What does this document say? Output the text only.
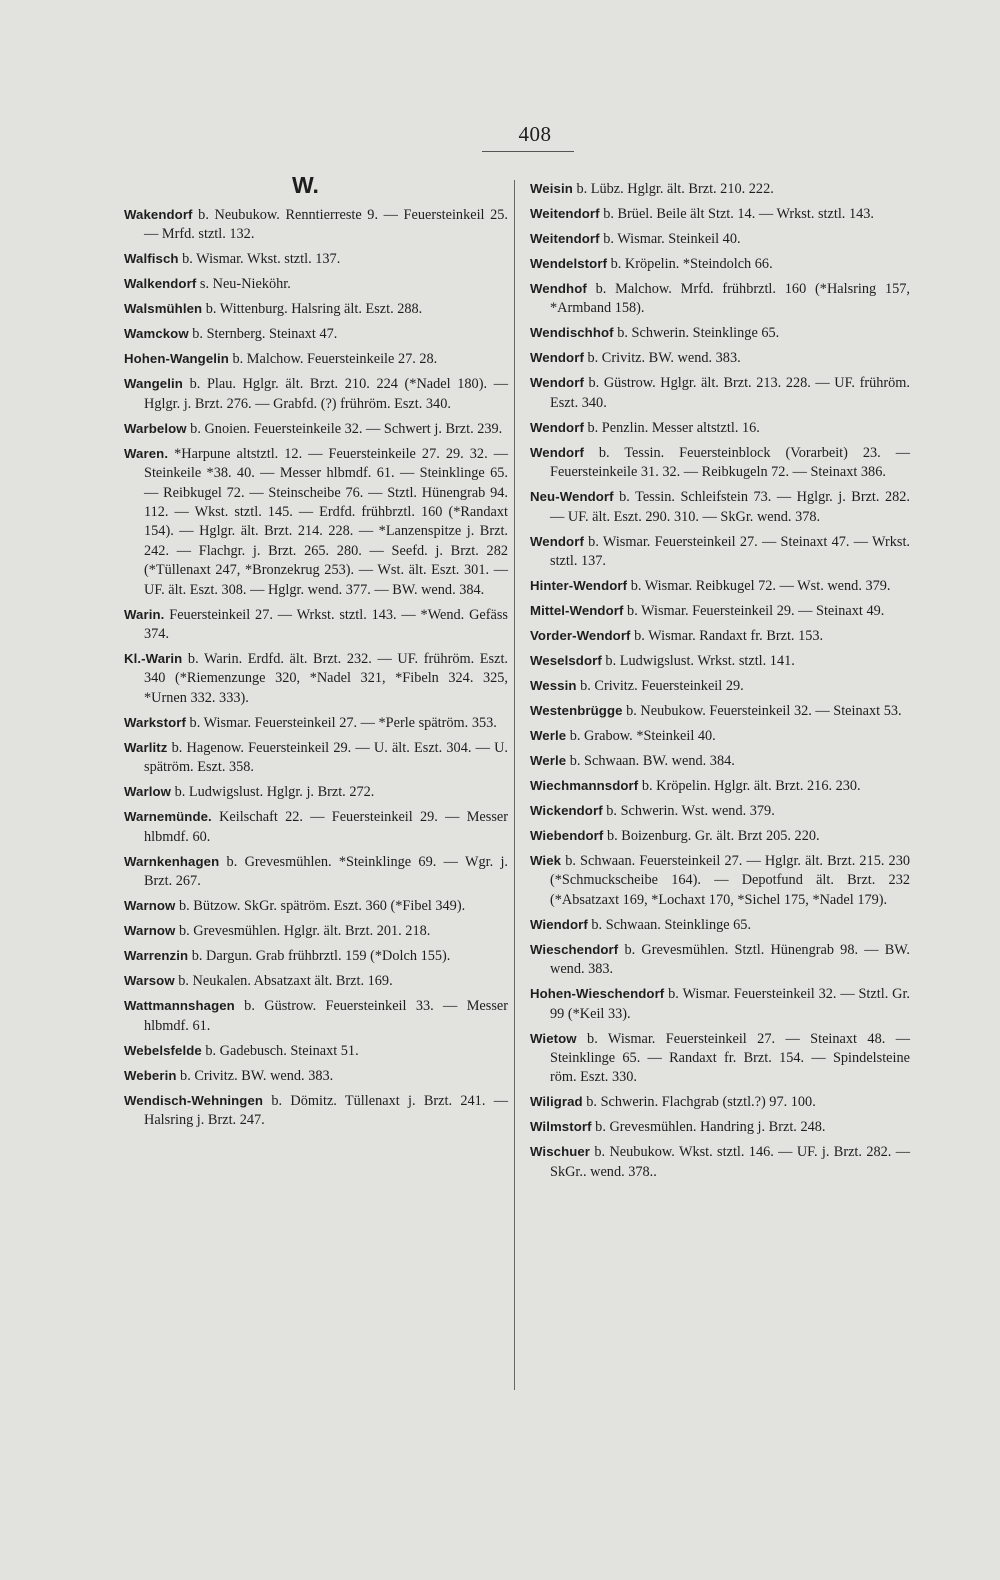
408
W.
Wakendorf b. Neubukow. Renntierreste 9. — Feuersteinkeil 25. — Mrfd. stztl. 132.
Walfisch b. Wismar. Wkst. stztl. 137.
Walkendorf s. Neu-Nieköhr.
Walsmühlen b. Wittenburg. Halsring ält. Eszt. 288.
Wamckow b. Sternberg. Steinaxt 47.
Hohen-Wangelin b. Malchow. Feuersteinkeile 27. 28.
Wangelin b. Plau. Hglgr. ält. Brzt. 210. 224 (*Nadel 180). — Hglgr. j. Brzt. 276. — Grabfd. (?) frühröm. Eszt. 340.
Warbelow b. Gnoien. Feuersteinkeile 32. — Schwert j. Brzt. 239.
Waren. *Harpune altstztl. 12. — Feuersteinkeile 27. 29. 32. — Steinkeile *38. 40. — Messer hlbmdf. 61. — Steinklinge 65. — Reibkugel 72. — Steinscheibe 76. — Stztl. Hünengrab 94. 112. — Wkst. stztl. 145. — Erdfd. frühbrztl. 160 (*Randaxt 154). — Hglgr. ält. Brzt. 214. 228. — *Lanzenspitze j. Brzt. 242. — Flachgr. j. Brzt. 265. 280. — Seefd. j. Brzt. 282 (*Tüllenaxt 247, *Bronzekrug 253). — Wst. ält. Eszt. 301. — UF. ält. Eszt. 308. — Hglgr. wend. 377. — BW. wend. 384.
Warin. Feuersteinkeil 27. — Wrkst. stztl. 143. — *Wend. Gefäss 374.
Kl.-Warin b. Warin. Erdfd. ält. Brzt. 232. — UF. frühröm. Eszt. 340 (*Riemenzunge 320, *Nadel 321, *Fibeln 324. 325, *Urnen 332. 333).
Warkstorf b. Wismar. Feuersteinkeil 27. — *Perle spätröm. 353.
Warlitz b. Hagenow. Feuersteinkeil 29. — U. ält. Eszt. 304. — U. spätröm. Eszt. 358.
Warlow b. Ludwigslust. Hglgr. j. Brzt. 272.
Warnemünde. Keilschaft 22. — Feuersteinkeil 29. — Messer hlbmdf. 60.
Warnkenhagen b. Grevesmühlen. *Steinklinge 69. — Wgr. j. Brzt. 267.
Warnow b. Bützow. SkGr. spätröm. Eszt. 360 (*Fibel 349).
Warnow b. Grevesmühlen. Hglgr. ält. Brzt. 201. 218.
Warrenzin b. Dargun. Grab frühbrztl. 159 (*Dolch 155).
Warsow b. Neukalen. Absatzaxt ält. Brzt. 169.
Wattmannshagen b. Güstrow. Feuersteinkeil 33. — Messer hlbmdf. 61.
Webelsfelde b. Gadebusch. Steinaxt 51.
Weberin b. Crivitz. BW. wend. 383.
Wendisch-Wehningen b. Dömitz. Tüllenaxt j. Brzt. 241. — Halsring j. Brzt. 247.
Weisin b. Lübz. Hglgr. ält. Brzt. 210. 222.
Weitendorf b. Brüel. Beile ält Stzt. 14. — Wrkst. stztl. 143.
Weitendorf b. Wismar. Steinkeil 40.
Wendelstorf b. Kröpelin. *Steindolch 66.
Wendhof b. Malchow. Mrfd. frühbrztl. 160 (*Halsring 157, *Armband 158).
Wendischhof b. Schwerin. Steinklinge 65.
Wendorf b. Crivitz. BW. wend. 383.
Wendorf b. Güstrow. Hglgr. ält. Brzt. 213. 228. — UF. frühröm. Eszt. 340.
Wendorf b. Penzlin. Messer altstztl. 16.
Wendorf b. Tessin. Feuersteinblock (Vorarbeit) 23. — Feuersteinkeile 31. 32. — Reibkugeln 72. — Steinaxt 386.
Neu-Wendorf b. Tessin. Schleifstein 73. — Hglgr. j. Brzt. 282. — UF. ält. Eszt. 290. 310. — SkGr. wend. 378.
Wendorf b. Wismar. Feuersteinkeil 27. — Steinaxt 47. — Wrkst. stztl. 137.
Hinter-Wendorf b. Wismar. Reibkugel 72. — Wst. wend. 379.
Mittel-Wendorf b. Wismar. Feuersteinkeil 29. — Steinaxt 49.
Vorder-Wendorf b. Wismar. Randaxt fr. Brzt. 153.
Weselsdorf b. Ludwigslust. Wrkst. stztl. 141.
Wessin b. Crivitz. Feuersteinkeil 29.
Westenbrügge b. Neubukow. Feuersteinkeil 32. — Steinaxt 53.
Werle b. Grabow. *Steinkeil 40.
Werle b. Schwaan. BW. wend. 384.
Wiechmannsdorf b. Kröpelin. Hglgr. ält. Brzt. 216. 230.
Wickendorf b. Schwerin. Wst. wend. 379.
Wiebendorf b. Boizenburg. Gr. ält. Brzt 205. 220.
Wiek b. Schwaan. Feuersteinkeil 27. — Hglgr. ält. Brzt. 215. 230 (*Schmuckscheibe 164). — Depotfund ält. Brzt. 232 (*Absatzaxt 169, *Lochaxt 170, *Sichel 175, *Nadel 179).
Wiendorf b. Schwaan. Steinklinge 65.
Wieschendorf b. Grevesmühlen. Stztl. Hünengrab 98. — BW. wend. 383.
Hohen-Wieschendorf b. Wismar. Feuersteinkeil 32. — Stztl. Gr. 99 (*Keil 33).
Wietow b. Wismar. Feuersteinkeil 27. — Steinaxt 48. — Steinklinge 65. — Randaxt fr. Brzt. 154. — Spindelsteine röm. Eszt. 330.
Wiligrad b. Schwerin. Flachgrab (stztl.?) 97. 100.
Wilmstorf b. Grevesmühlen. Handring j. Brzt. 248.
Wischuer b. Neubukow. Wkst. stztl. 146. — UF. j. Brzt. 282. — SkGr.. wend. 378..
